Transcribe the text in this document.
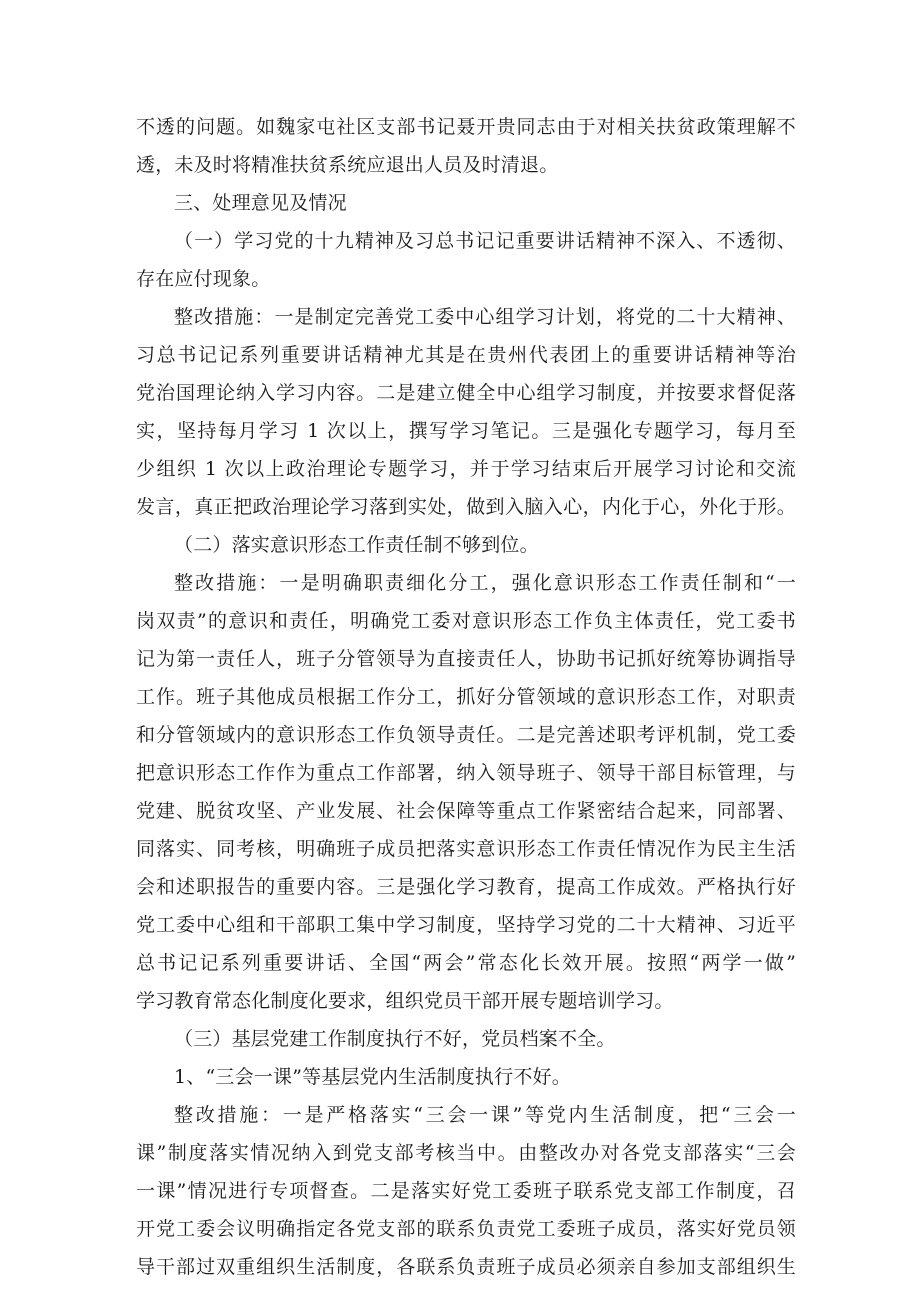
不透的问题。如魏家屯社区支部书记聂开贵同志由于对相关扶贫政策理解不
透，未及时将精准扶贫系统应退出人员及时清退。
三、处理意见及情况
（一）学习党的十九精神及习总书记记重要讲话精神不深入、不透彻、
存在应付现象。
整改措施：一是制定完善党工委中心组学习计划，将党的二十大精神、
习总书记记系列重要讲话精神尤其是在贵州代表团上的重要讲话精神等治
党治国理论纳入学习内容。二是建立健全中心组学习制度，并按要求督促落
实，坚持每月学习 1 次以上，撰写学习笔记。三是强化专题学习，每月至
少组织 1 次以上政治理论专题学习，并于学习结束后开展学习讨论和交流
发言，真正把政治理论学习落到实处，做到入脑入心，内化于心，外化于形。
（二）落实意识形态工作责任制不够到位。
整改措施：一是明确职责细化分工，强化意识形态工作责任制和“一
岗双责”的意识和责任，明确党工委对意识形态工作负主体责任，党工委书
记为第一责任人，班子分管领导为直接责任人，协助书记抓好统筹协调指导
工作。班子其他成员根据工作分工，抓好分管领域的意识形态工作，对职责
和分管领域内的意识形态工作负领导责任。二是完善述职考评机制，党工委
把意识形态工作作为重点工作部署，纳入领导班子、领导干部目标管理，与
党建、脱贫攻坚、产业发展、社会保障等重点工作紧密结合起来，同部署、
同落实、同考核，明确班子成员把落实意识形态工作责任情况作为民主生活
会和述职报告的重要内容。三是强化学习教育，提高工作成效。严格执行好
党工委中心组和干部职工集中学习制度，坚持学习党的二十大精神、习近平
总书记记系列重要讲话、全国“两会”常态化长效开展。按照“两学一做”
学习教育常态化制度化要求，组织党员干部开展专题培训学习。
（三）基层党建工作制度执行不好，党员档案不全。
1、“三会一课”等基层党内生活制度执行不好。
整改措施：一是严格落实“三会一课”等党内生活制度，把“三会一
课”制度落实情况纳入到党支部考核当中。由整改办对各党支部落实“三会
一课”情况进行专项督查。二是落实好党工委班子联系党支部工作制度，召
开党工委会议明确指定各党支部的联系负责党工委班子成员，落实好党员领
导干部过双重组织生活制度，各联系负责班子成员必须亲自参加支部组织生
